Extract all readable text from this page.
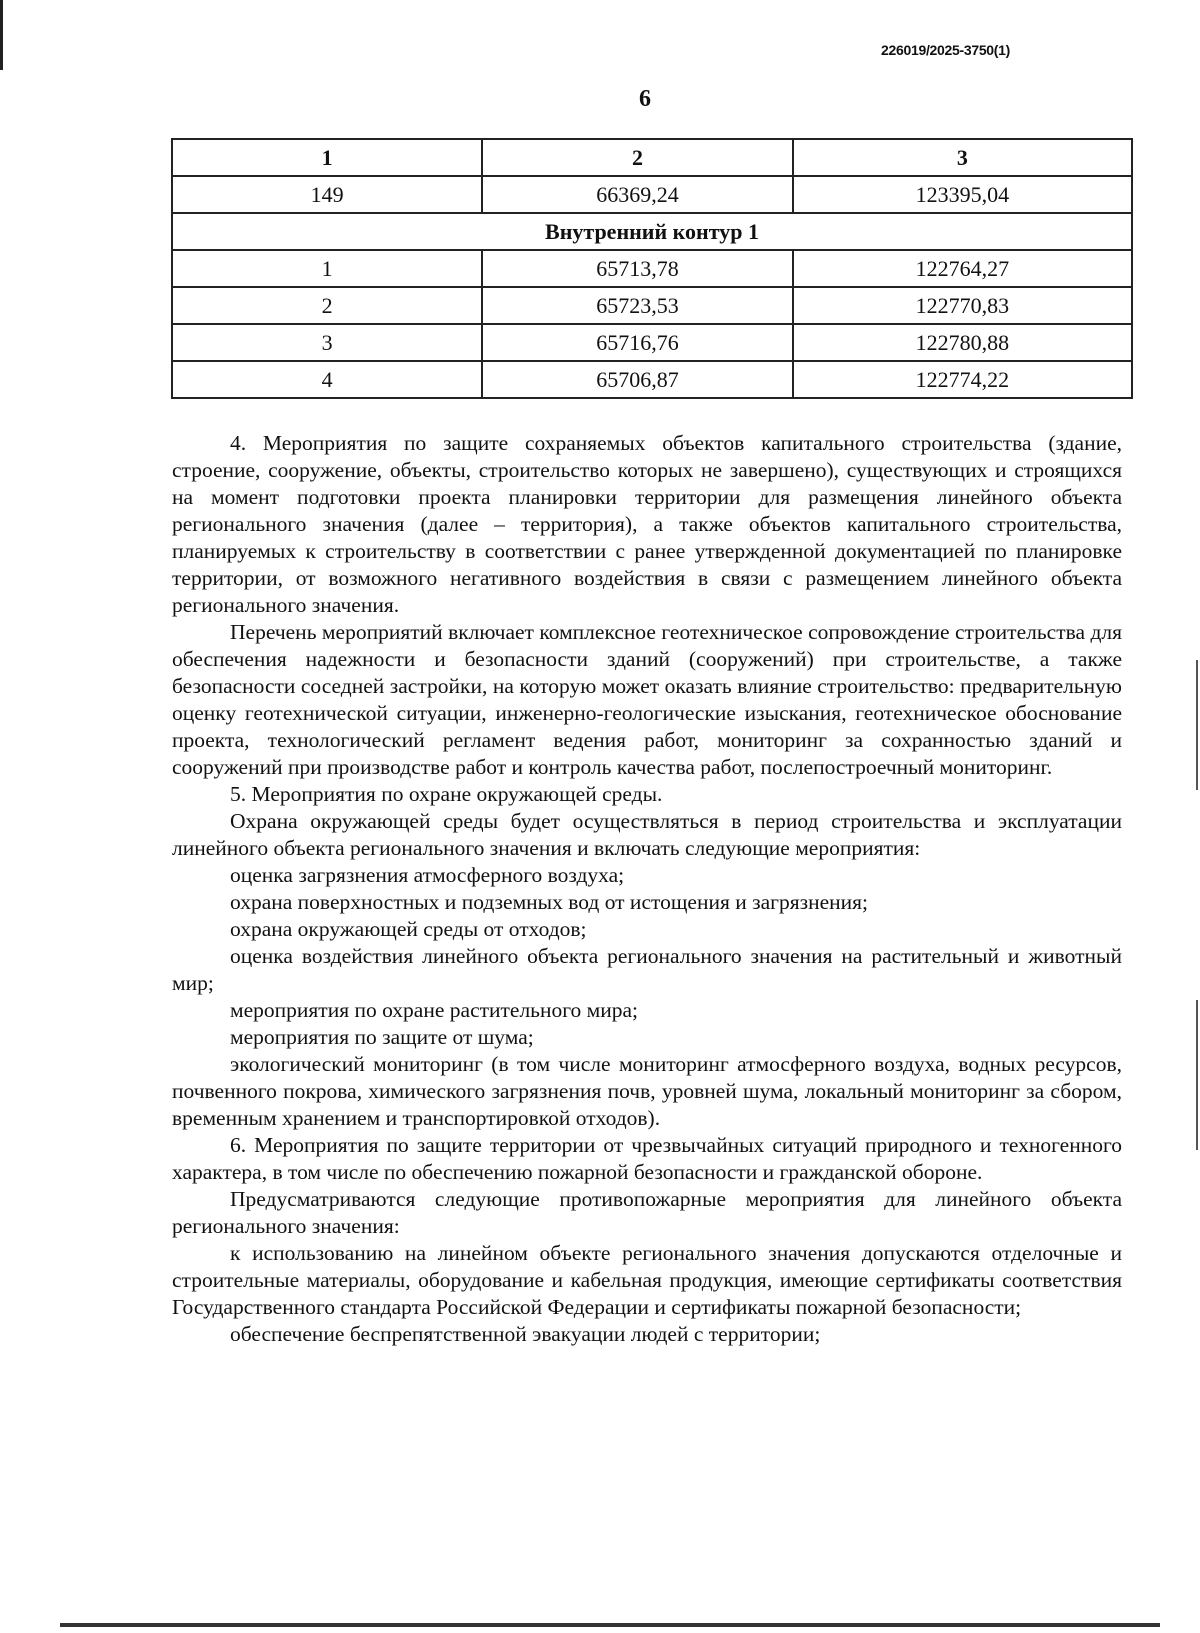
226019/2025-3750(1)
6
1	2	3
149	66369,24	123395,04
Внутренний контур 1		
1	65713,78	122764,27
2	65723,53	122770,83
3	65716,76	122780,88
4	65706,87	122774,22

4. Мероприятия по защите сохраняемых объектов капитального строительства (здание, строение, сооружение, объекты, строительство которых не завершено), существующих и строящихся на момент подготовки проекта планировки территории для размещения линейного объекта регионального значения (далее – территория), а также объектов капитального строительства, планируемых к строительству в соответствии с ранее утвержденной документацией по планировке территории, от возможного негативного воздействия в связи с размещением линейного объекта регионального значения.

Перечень мероприятий включает комплексное геотехническое сопровождение строительства для обеспечения надежности и безопасности зданий (сооружений) при строительстве, а также безопасности соседней застройки, на которую может оказать влияние строительство: предварительную оценку геотехнической ситуации, инженерно-геологические изыскания, геотехническое обоснование проекта, технологический регламент ведения работ, мониторинг за сохранностью зданий и сооружений при производстве работ и контроль качества работ, послепостроечный мониторинг.

5. Мероприятия по охране окружающей среды.

Охрана окружающей среды будет осуществляться в период строительства и эксплуатации линейного объекта регионального значения и включать следующие мероприятия:

оценка загрязнения атмосферного воздуха;

охрана поверхностных и подземных вод от истощения и загрязнения;

охрана окружающей среды от отходов;

оценка воздействия линейного объекта регионального значения на растительный и животный мир;

мероприятия по охране растительного мира;

мероприятия по защите от шума;

экологический мониторинг (в том числе мониторинг атмосферного воздуха, водных ресурсов, почвенного покрова, химического загрязнения почв, уровней шума, локальный мониторинг за сбором, временным хранением и транспортировкой отходов).

6. Мероприятия по защите территории от чрезвычайных ситуаций природного и техногенного характера, в том числе по обеспечению пожарной безопасности и гражданской обороне.

Предусматриваются следующие противопожарные мероприятия для линейного объекта регионального значения:

к использованию на линейном объекте регионального значения допускаются отделочные и строительные материалы, оборудование и кабельная продукция, имеющие сертификаты соответствия Государственного стандарта Российской Федерации и сертификаты пожарной безопасности;

обеспечение беспрепятственной эвакуации людей с территории;
